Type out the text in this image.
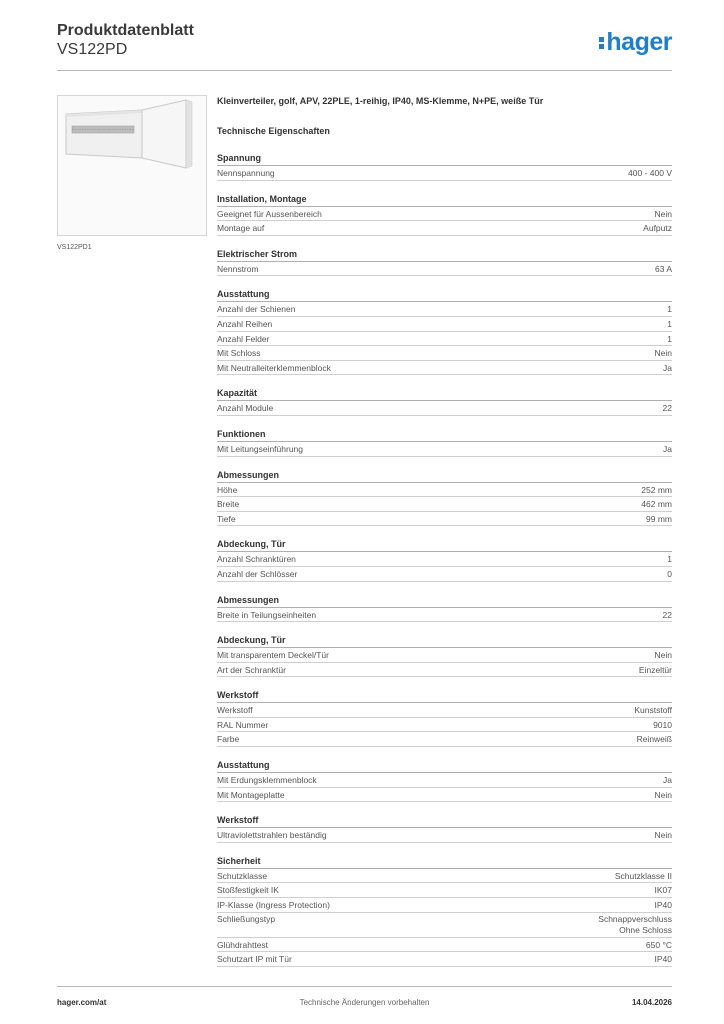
Produktdatenblatt
VS122PD	hager
VS122PD1
Kleinverteiler, golf, APV, 22PLE, 1-reihig, IP40, MS-Klemme, N+PE, weiße Tür
Technische Eigenschaften
Spannung
Nennspannung	400 - 400 V
Installation, Montage
Geeignet für Aussenbereich	Nein
Montage auf	Aufputz
Elektrischer Strom
Nennstrom	63 A
Ausstattung
Anzahl der Schienen	1
Anzahl Reihen	1
Anzahl Felder	1
Mit Schloss	Nein
Mit Neutralleiterklemmenblock	Ja
Kapazität
Anzahl Module	22
Funktionen
Mit Leitungseinführung	Ja
Abmessungen
Höhe	252 mm
Breite	462 mm
Tiefe	99 mm
Abdeckung, Tür
Anzahl Schranktüren	1
Anzahl der Schlösser	0
Abmessungen
Breite in Teilungseinheiten	22
Abdeckung, Tür
Mit transparentem Deckel/Tür	Nein
Art der Schranktür	Einzeltür
Werkstoff
Werkstoff	Kunststoff
RAL Nummer	9010
Farbe	Reinweiß
Ausstattung
Mit Erdungsklemmenblock	Ja
Mit Montageplatte	Nein
Werkstoff
Ultraviolettstrahlen beständig	Nein
Sicherheit
Schutzklasse	Schutzklasse II
Stoßfestigkeit IK	IK07
IP-Klasse (Ingress Protection)	IP40
Schließungstyp	Schnappverschluss
Ohne Schloss
Glühdrahttest	650 °C
Schutzart IP mit Tür	IP40
hager.com/at	Technische Änderungen vorbehalten	14.04.2026
